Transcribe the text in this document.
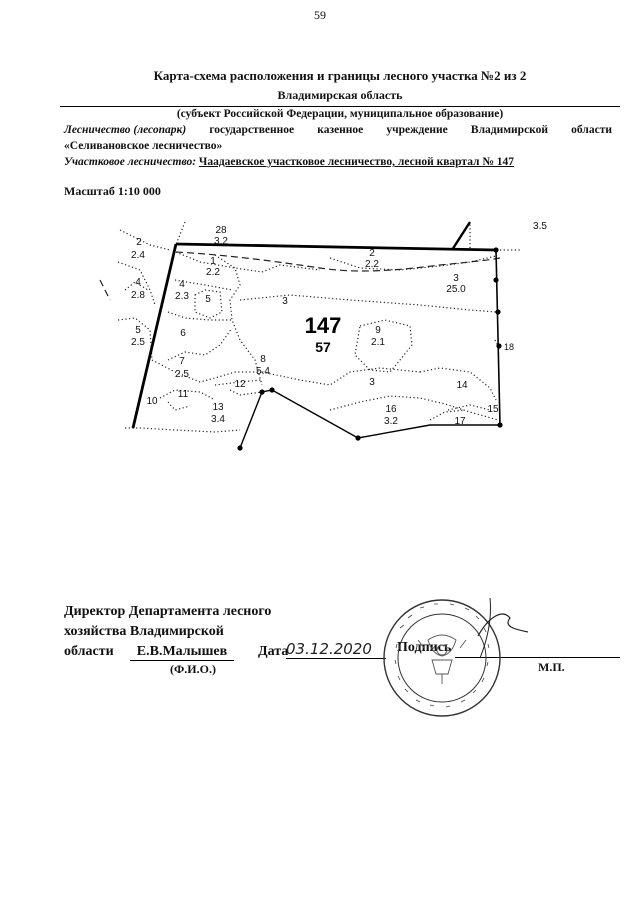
59
Карта-схема расположения и границы лесного участка №2 из 2
Владимирская область
(субъект Российской Федерации, муниципальное образование)
Лесничество (лесопарк) государственное казенное учреждение Владимирской области
«Селивановское лесничество»
Участковое лесничество: Чаадаевское участковое лесничество, лесной квартал № 147
Масштаб 1:10 000
28
3.2
3.5
2
2.4
1
2.2
2
2.2
3
25.0
4
2.8
4
2.3 5	3
9
2.1
5
2.5
6
18
8
5.4
7
2.5
12	3	14
10
11
13
3.4
16
3.2
15
17
147
57
Директор Департамента лесного
хозяйства Владимирской
области	Е.В.Малышев
(Ф.И.О.)
Дата
03.12.2020	Подпись
М.П.
